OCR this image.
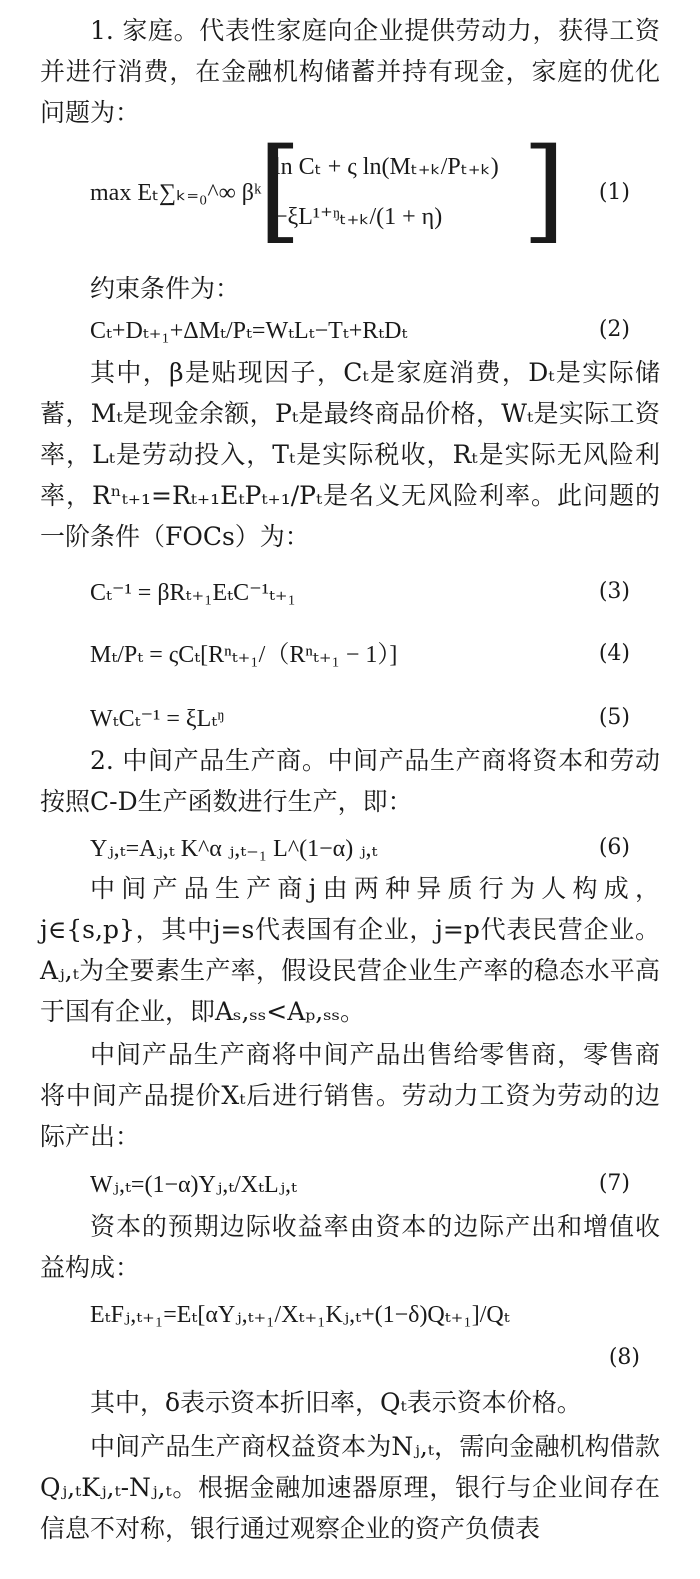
1. 家庭。代表性家庭向企业提供劳动力，获得工资并进行消费，在金融机构储蓄并持有现金，家庭的优化问题为：

max Eₜ∑ₖ₌₀^∞ βᵏ
[
ln Cₜ + ς ln(Mₜ₊ₖ/Pₜ₊ₖ)
−ξL¹⁺ᵑₜ₊ₖ/(1 + η) ] (1)

约束条件为：

Cₜ+Dₜ₊₁+ΔMₜ/Pₜ=WₜLₜ−Tₜ+RₜDₜ	(2)

其中，β是贴现因子，Cₜ是家庭消费，Dₜ是实际储蓄，Mₜ是现金余额，Pₜ是最终商品价格，Wₜ是实际工资率，Lₜ是劳动投入，Tₜ是实际税收，Rₜ是实际无风险利率，Rⁿₜ₊₁=Rₜ₊₁EₜPₜ₊₁/Pₜ是名义无风险利率。此问题的一阶条件（FOCs）为：

Cₜ⁻¹ = βRₜ₊₁EₜC⁻¹ₜ₊₁	(3)
Mₜ/Pₜ = ςCₜ[Rⁿₜ₊₁/（Rⁿₜ₊₁ − 1）]	(4)
WₜCₜ⁻¹ = ξLₜᵑ	(5)

2. 中间产品生产商。中间产品生产商将资本和劳动按照C-D生产函数进行生产，即：

Yⱼ,ₜ=Aⱼ,ₜ K^α ⱼ,ₜ₋₁ L^(1−α) ⱼ,ₜ	(6)

中间产品生产商j由两种异质行为人构成，j∈{s,p}，其中j=s代表国有企业，j=p代表民营企业。Aⱼ,ₜ为全要素生产率，假设民营企业生产率的稳态水平高于国有企业，即Aₛ,ₛₛ<Aₚ,ₛₛ。

中间产品生产商将中间产品出售给零售商，零售商将中间产品提价Xₜ后进行销售。劳动力工资为劳动的边际产出：

Wⱼ,ₜ=(1−α)Yⱼ,ₜ/XₜLⱼ,ₜ	(7)

资本的预期边际收益率由资本的边际产出和增值收益构成：

EₜFⱼ,ₜ₊₁=Eₜ[αYⱼ,ₜ₊₁/Xₜ₊₁Kⱼ,ₜ+(1−δ)Qₜ₊₁]/Qₜ
(8)

其中，δ表示资本折旧率，Qₜ表示资本价格。

中间产品生产商权益资本为Nⱼ,ₜ，需向金融机构借款Qⱼ,ₜKⱼ,ₜ-Nⱼ,ₜ。根据金融加速器原理，银行与企业间存在信息不对称，银行通过观察企业的资产负债表
